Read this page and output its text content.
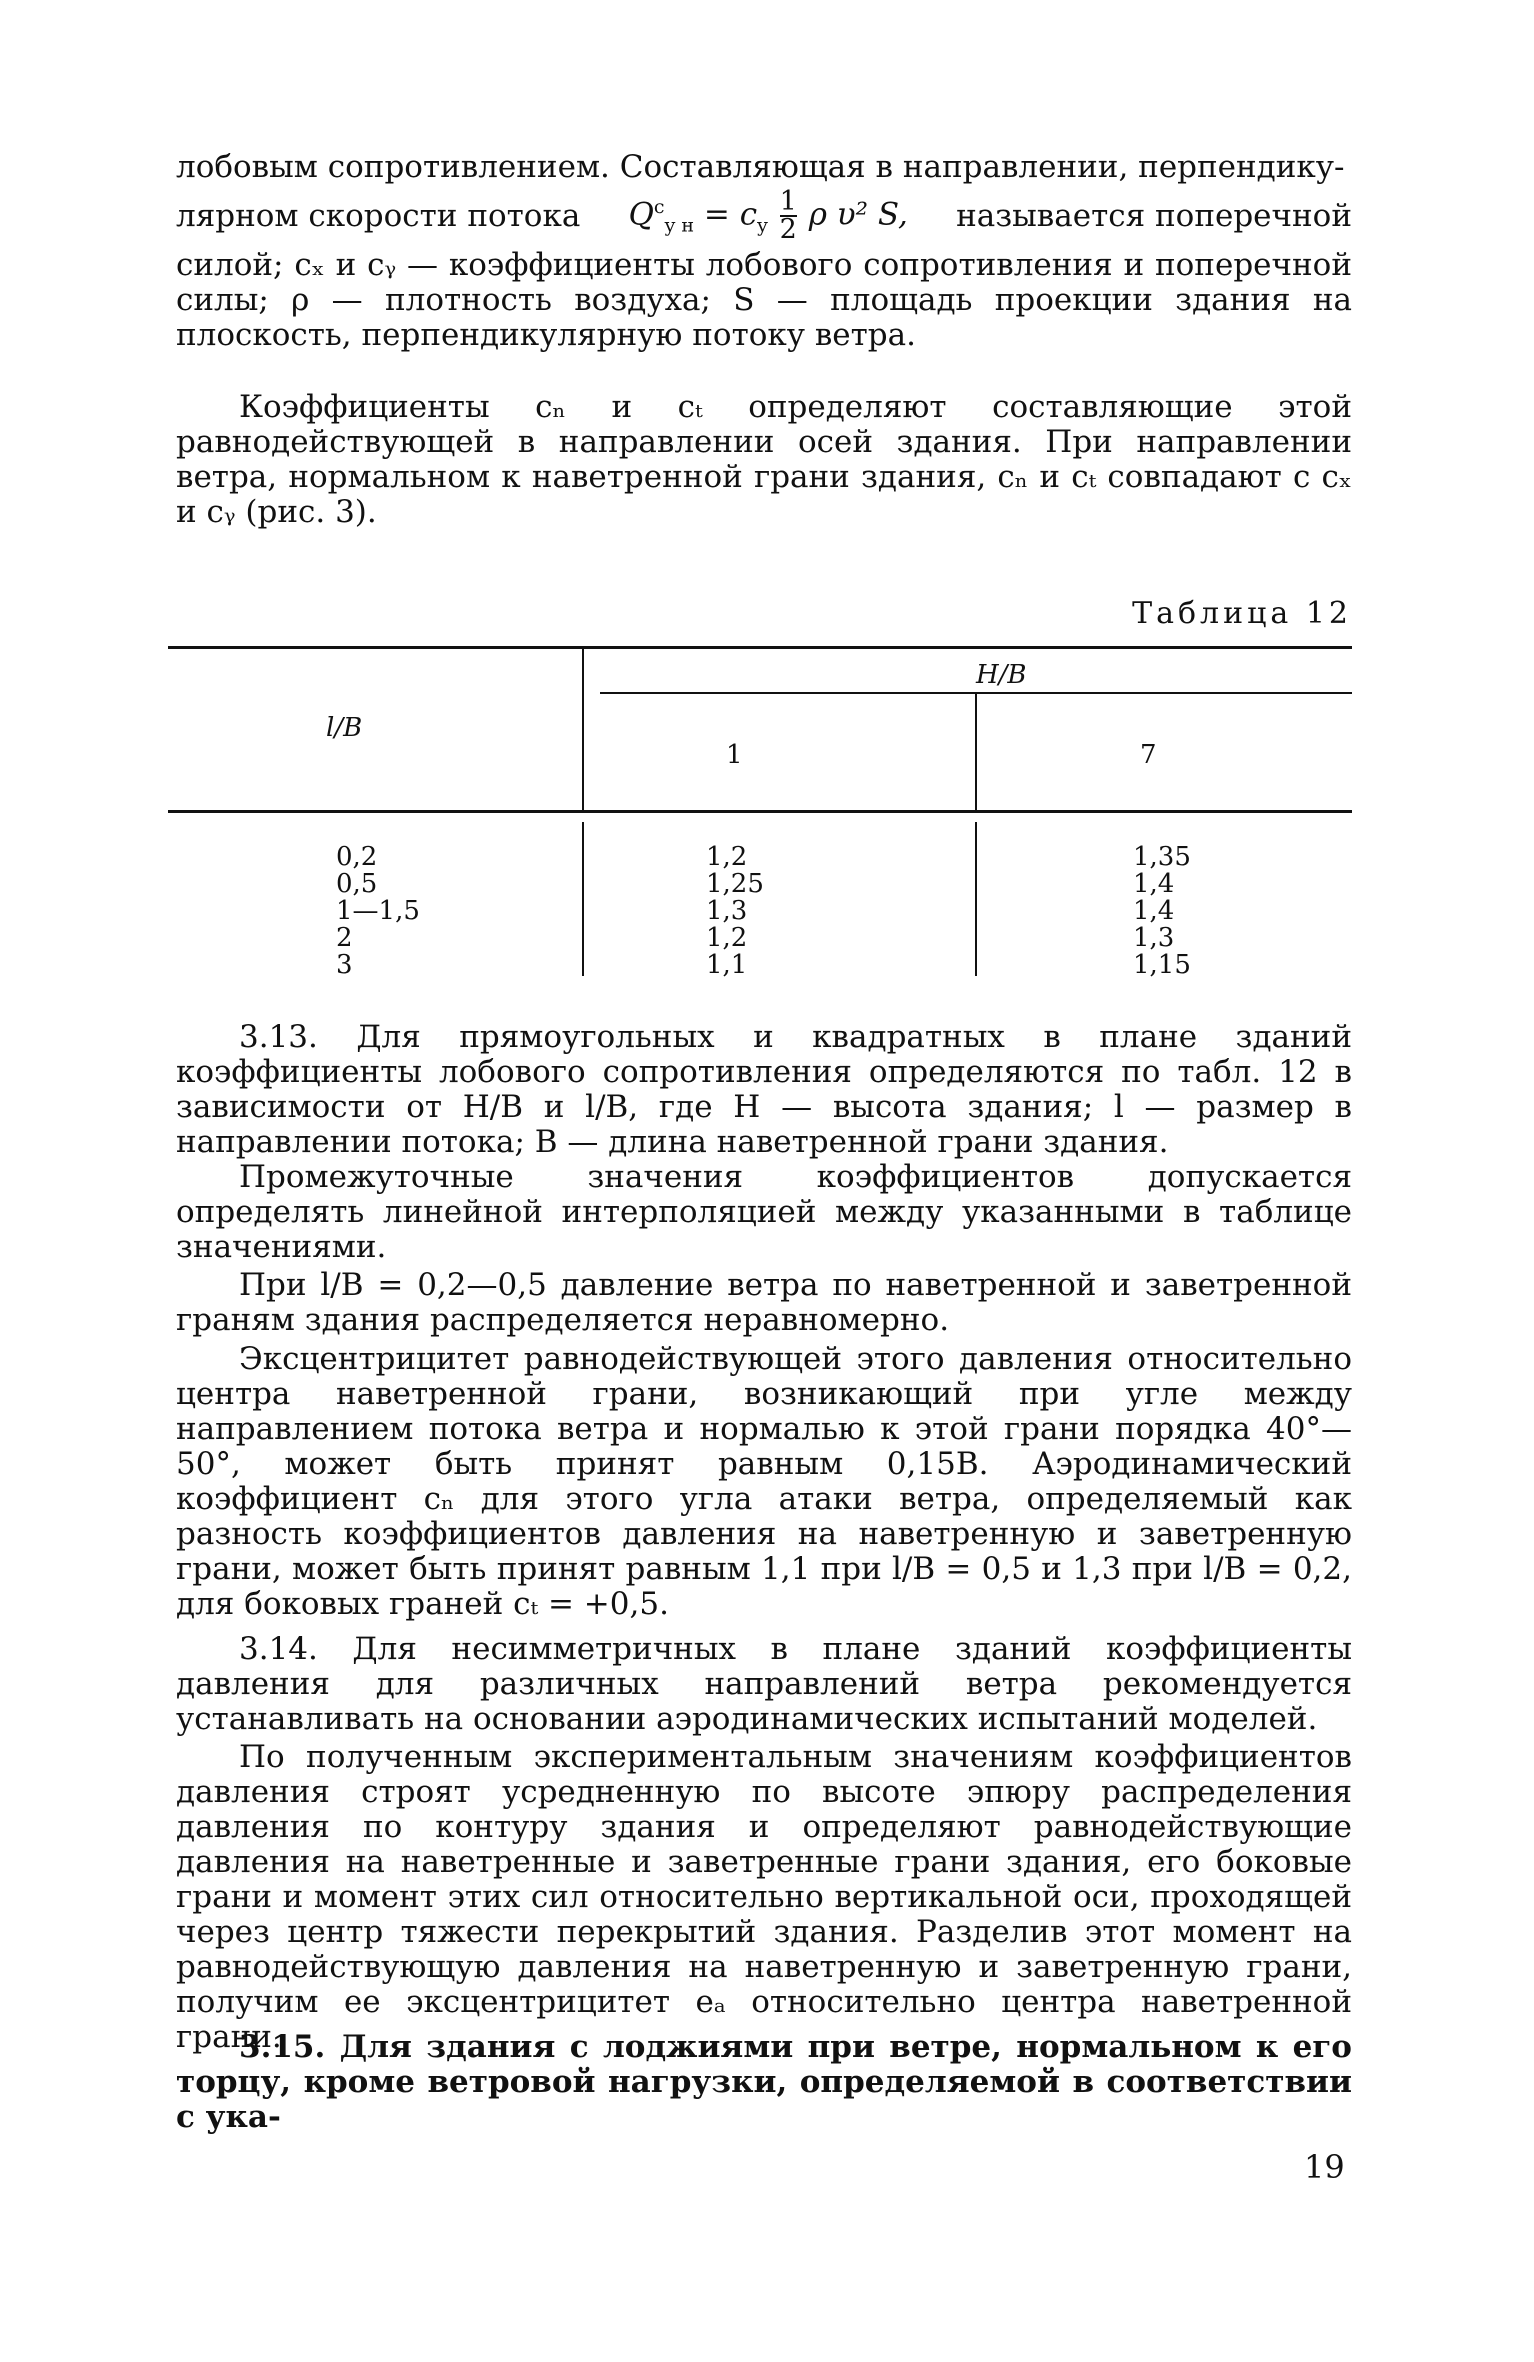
лобовым сопротивлением. Составляющая в направлении, перпендику-
лярном скорости потока $Q^c_{y н} = c_y \frac{1}{2}$ ρ υ² S, называется поперечной
силой; cₓ и cᵧ — коэффициенты лобового сопротивления и поперечной силы; ρ — плотность воздуха; S — площадь проекции здания на плоскость, перпендикулярную потоку ветра.
Коэффициенты cₙ и cₜ определяют составляющие этой равнодействующей в направлении осей здания. При направлении ветра, нормальном к наветренной грани здания, cₙ и cₜ совпадают с cₓ и cᵧ (рис. 3).
Таблица 12
H/B
l/B
1	7
0,2
0,5
1—1,5
2
3
1,2
1,25
1,3
1,2
1,1
1,35
1,4
1,4
1,3
1,15
3.13. Для прямоугольных и квадратных в плане зданий коэффициенты лобового сопротивления определяются по табл. 12 в зависимости от H/B и l/B, где H — высота здания; l — размер в направлении потока; B — длина наветренной грани здания.
Промежуточные значения коэффициентов допускается определять линейной интерполяцией между указанными в таблице значениями.
При l/B = 0,2—0,5 давление ветра по наветренной и заветренной граням здания распределяется неравномерно.
Эксцентрицитет равнодействующей этого давления относительно центра наветренной грани, возникающий при угле между направлением потока ветра и нормалью к этой грани порядка 40°—50°, может быть принят равным 0,15B. Аэродинамический коэффициент cₙ для этого угла атаки ветра, определяемый как разность коэффициентов давления на наветренную и заветренную грани, может быть принят равным 1,1 при l/B = 0,5 и 1,3 при l/B = 0,2, для боковых граней cₜ = +0,5.
3.14. Для несимметричных в плане зданий коэффициенты давления для различных направлений ветра рекомендуется устанавливать на основании аэродинамических испытаний моделей.
По полученным экспериментальным значениям коэффициентов давления строят усредненную по высоте эпюру распределения давления по контуру здания и определяют равнодействующие давления на наветренные и заветренные грани здания, его боковые грани и момент этих сил относительно вертикальной оси, проходящей через центр тяжести перекрытий здания. Разделив этот момент на равнодействующую давления на наветренную и заветренную грани, получим ее эксцентрицитет eₐ относительно центра наветренной грани.
3.15. Для здания с лоджиями при ветре, нормальном к его торцу, кроме ветровой нагрузки, определяемой в соответствии с ука-
19
